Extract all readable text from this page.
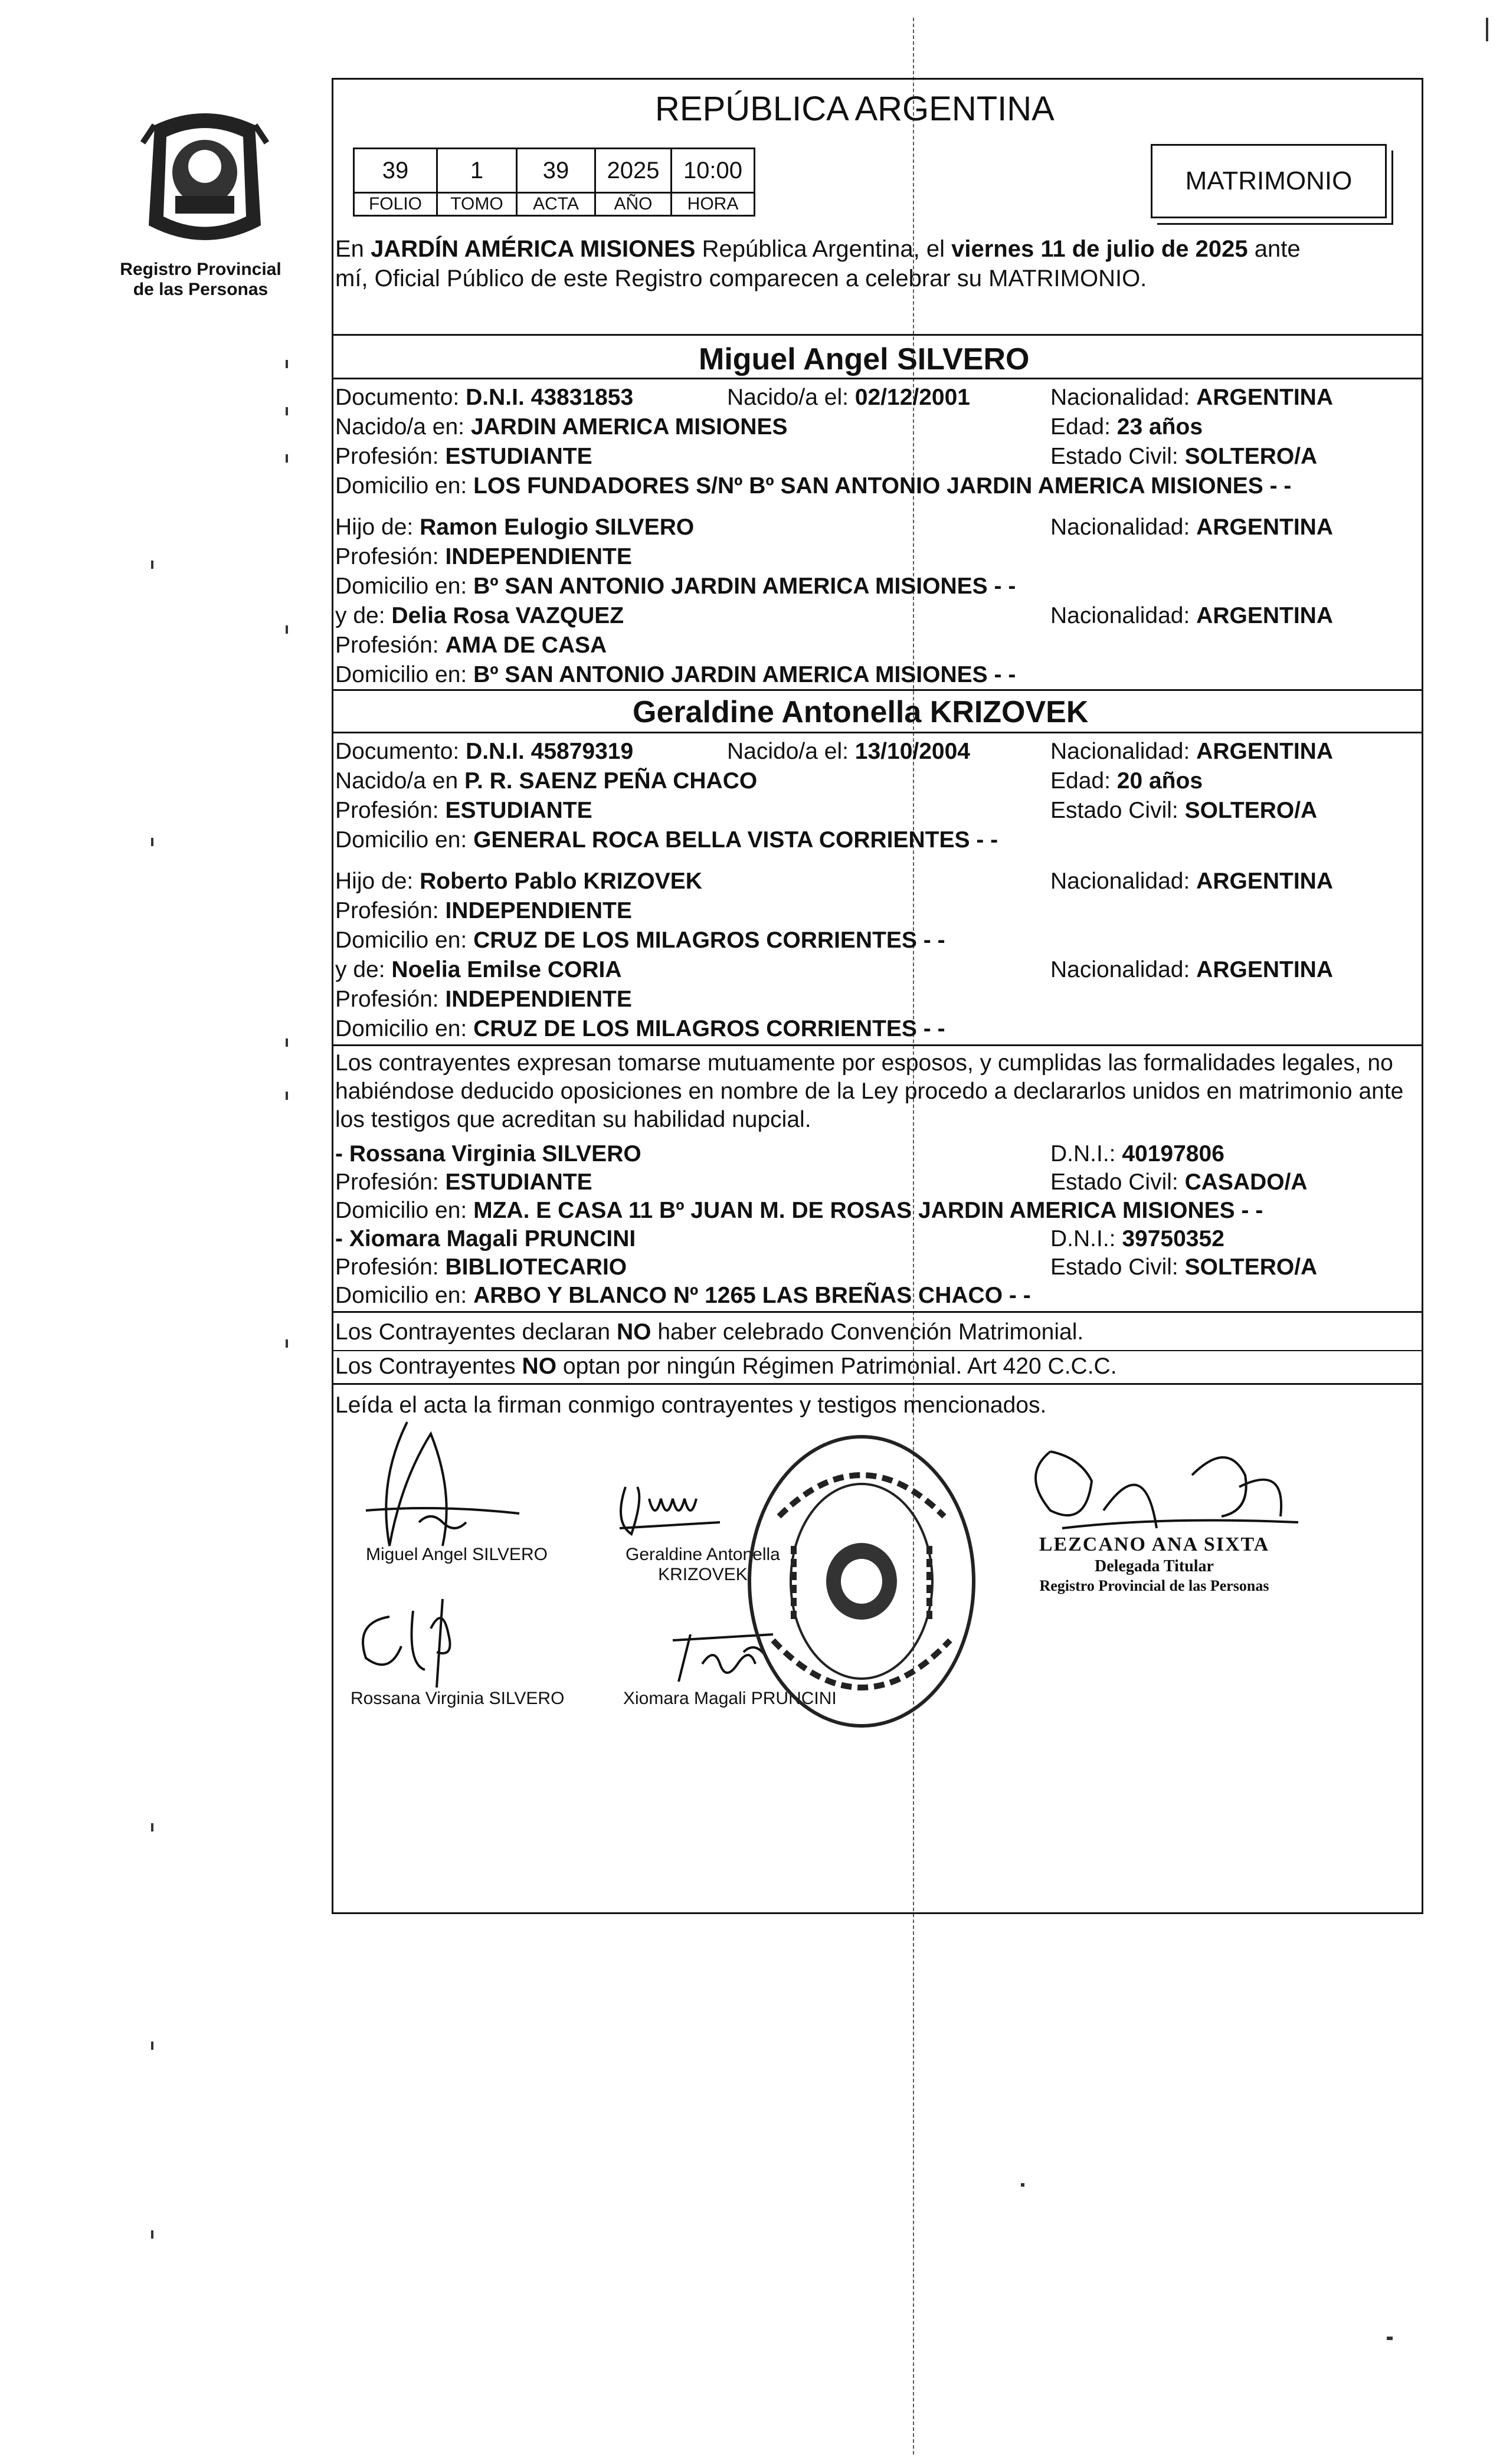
Registro Provincial
de las Personas
REPÚBLICA ARGENTINA
39	1	39	2025	10:00
FOLIO	TOMO	ACTA	AÑO	HORA
MATRIMONIO
En JARDÍN AMÉRICA MISIONES República Argentina, el viernes 11 de julio de 2025 ante
mí, Oficial Público de este Registro comparecen a celebrar su MATRIMONIO.
Miguel Angel SILVERO
Documento: D.N.I. 43831853	Nacido/a el: 02/12/2001	Nacionalidad: ARGENTINA
Nacido/a en: JARDIN AMERICA MISIONES	Edad: 23 años
Profesión: ESTUDIANTE	Estado Civil: SOLTERO/A
Domicilio en: LOS FUNDADORES S/Nº Bº SAN ANTONIO JARDIN AMERICA MISIONES - -
Hijo de: Ramon Eulogio SILVERO	Nacionalidad: ARGENTINA
Profesión: INDEPENDIENTE
Domicilio en: Bº SAN ANTONIO JARDIN AMERICA MISIONES - -
y de: Delia Rosa VAZQUEZ	Nacionalidad: ARGENTINA
Profesión: AMA DE CASA
Domicilio en: Bº SAN ANTONIO JARDIN AMERICA MISIONES - -
Geraldine Antonella KRIZOVEK
Documento: D.N.I. 45879319	Nacido/a el: 13/10/2004	Nacionalidad: ARGENTINA
Nacido/a en P. R. SAENZ PEÑA CHACO	Edad: 20 años
Profesión: ESTUDIANTE	Estado Civil: SOLTERO/A
Domicilio en: GENERAL ROCA BELLA VISTA CORRIENTES - -
Hijo de: Roberto Pablo KRIZOVEK	Nacionalidad: ARGENTINA
Profesión: INDEPENDIENTE
Domicilio en: CRUZ DE LOS MILAGROS CORRIENTES - -
y de: Noelia Emilse CORIA	Nacionalidad: ARGENTINA
Profesión: INDEPENDIENTE
Domicilio en: CRUZ DE LOS MILAGROS CORRIENTES - -
Los contrayentes expresan tomarse mutuamente por esposos, y cumplidas las formalidades legales, no
habiéndose deducido oposiciones en nombre de la Ley procedo a declararlos unidos en matrimonio ante
los testigos que acreditan su habilidad nupcial.
- Rossana Virginia SILVERO	D.N.I.: 40197806
Profesión: ESTUDIANTE	Estado Civil: CASADO/A
Domicilio en: MZA. E CASA 11 Bº JUAN M. DE ROSAS JARDIN AMERICA MISIONES - -
- Xiomara Magali PRUNCINI	D.N.I.: 39750352
Profesión: BIBLIOTECARIO	Estado Civil: SOLTERO/A
Domicilio en: ARBO Y BLANCO Nº 1265 LAS BREÑAS CHACO - -
Los Contrayentes declaran NO haber celebrado Convención Matrimonial.
Los Contrayentes NO optan por ningún Régimen Patrimonial. Art 420 C.C.C.
Leída el acta la firman conmigo contrayentes y testigos mencionados.
Miguel Angel SILVERO	Geraldine Antonella
KRIZOVEK
Rossana Virginia SILVERO	Xiomara Magali PRUNCINI
LEZCANO ANA SIXTA
Delegada Titular
Registro Provincial de las Personas
